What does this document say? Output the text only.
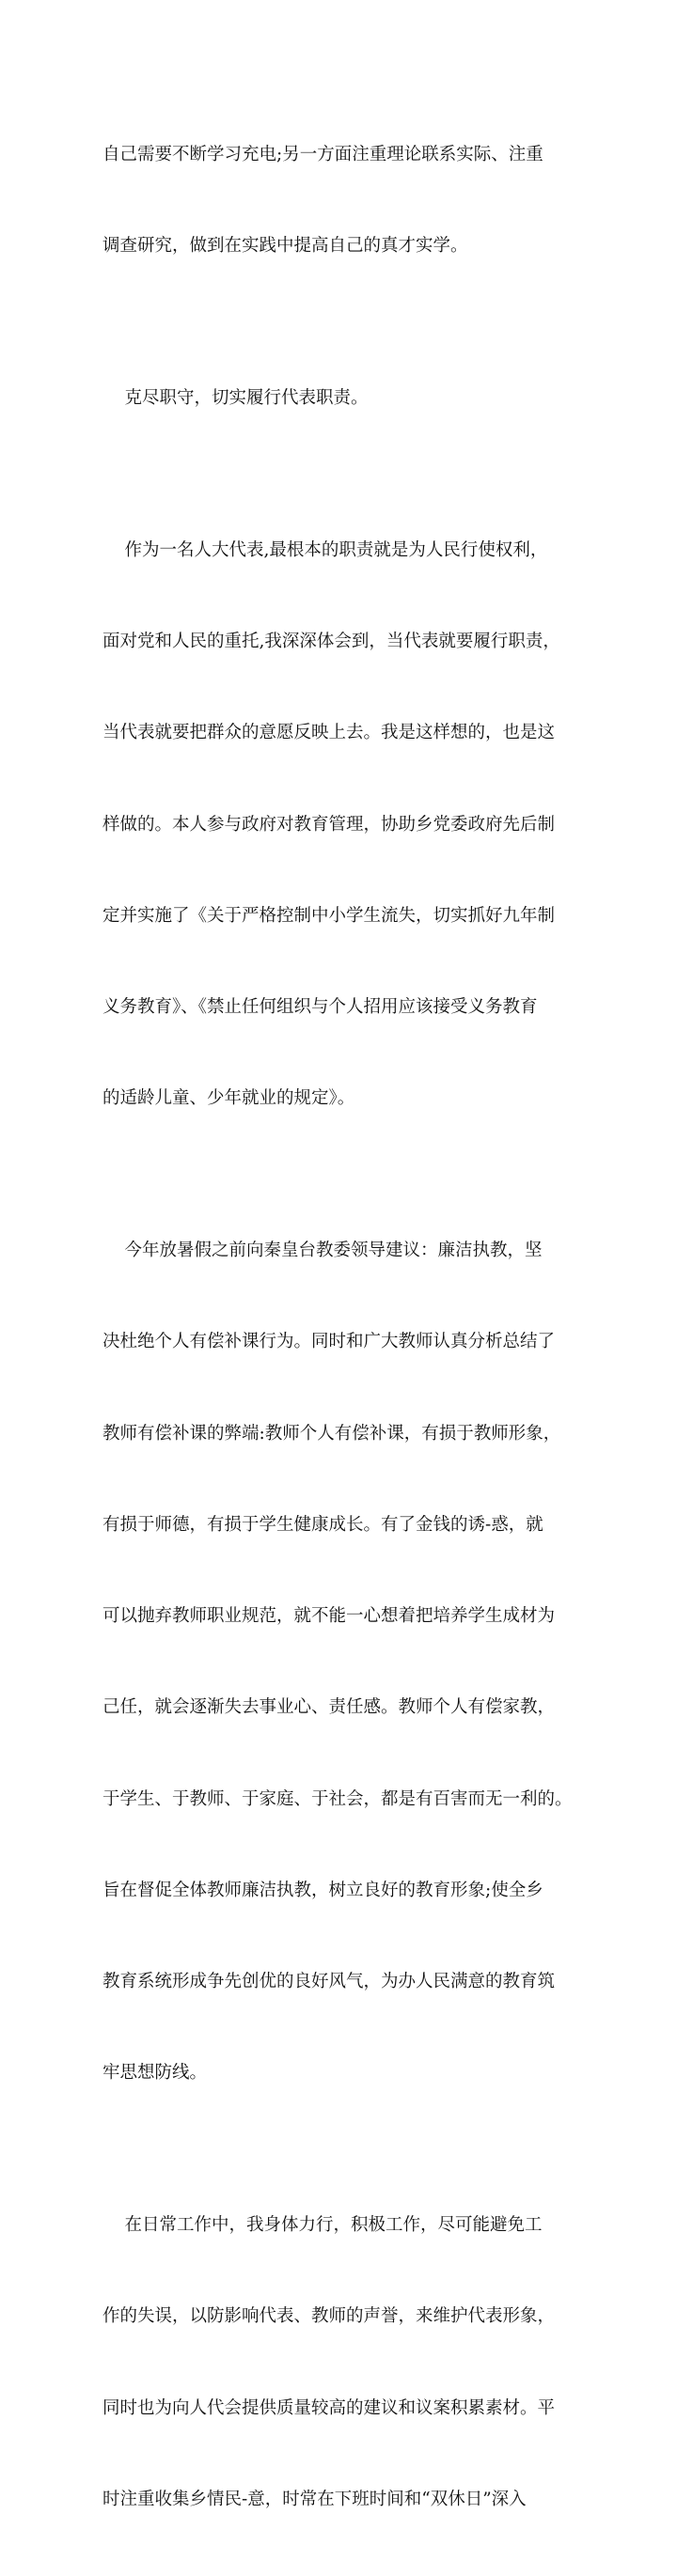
自己需要不断学习充电;另一方面注重理论联系实际、注重

调查研究，做到在实践中提高自己的真才实学。

克尽职守，切实履行代表职责。

作为一名人大代表,最根本的职责就是为人民行使权利，

面对党和人民的重托,我深深体会到，当代表就要履行职责，

当代表就要把群众的意愿反映上去。我是这样想的，也是这

样做的。本人参与政府对教育管理，协助乡党委政府先后制

定并实施了《关于严格控制中小学生流失，切实抓好九年制

义务教育》、《禁止任何组织与个人招用应该接受义务教育

的适龄儿童、少年就业的规定》。

今年放暑假之前向秦皇台教委领导建议：廉洁执教，坚

决杜绝个人有偿补课行为。同时和广大教师认真分析总结了

教师有偿补课的弊端:教师个人有偿补课，有损于教师形象，

有损于师德，有损于学生健康成长。有了金钱的诱-惑，就

可以抛弃教师职业规范，就不能一心想着把培养学生成材为

己任，就会逐渐失去事业心、责任感。教师个人有偿家教，

于学生、于教师、于家庭、于社会，都是有百害而无一利的。

旨在督促全体教师廉洁执教，树立良好的教育形象;使全乡

教育系统形成争先创优的良好风气，为办人民满意的教育筑

牢思想防线。

在日常工作中，我身体力行，积极工作，尽可能避免工

作的失误，以防影响代表、教师的声誉，来维护代表形象，

同时也为向人代会提供质量较高的建议和议案积累素材。平

时注重收集乡情民-意，时常在下班时间和“双休日”深入
